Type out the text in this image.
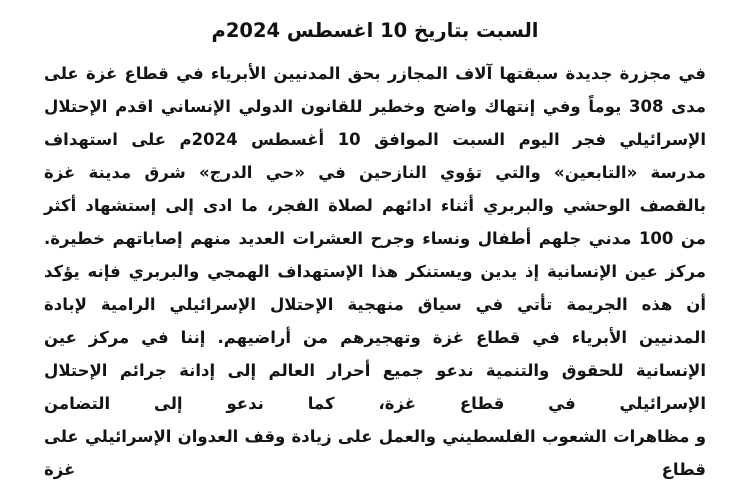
السبت بتاريخ 10 اغسطس 2024م

في مجزرة جديدة سبقتها آلاف المجازر بحق المدنيين الأبرياء في قطاع غزة على مدى 308 يوماً وفي إنتهاك واضح وخطير للقانون الدولي الإنساني اقدم الإحتلال الإسرائيلي فجر اليوم السبت الموافق 10 أغسطس 2024م على استهداف مدرسة «التابعين» والتي تؤوي النازحين في «حي الدرج» شرق مدينة غزة بالقصف الوحشي والبربري أثناء ادائهم لصلاة الفجر، ما ادى إلى إستشهاد أكثر من 100 مدني جلهم أطفال ونساء وجرح العشرات العديد منهم إصاباتهم خطيرة. مركز عين الإنسانية إذ يدين ويستنكر هذا الإستهداف الهمجي والبربري فإنه يؤكد أن هذه الجريمة تأتي في سياق منهجية الإحتلال الإسرائيلي الرامية لإبادة المدنيين الأبرياء في قطاع غزة وتهجيرهم من أراضيهم. إننا في مركز عين الإنسانية للحقوق والتنمية ندعو جميع أحرار العالم إلى إدانة جرائم الإحتلال الإسرائيلي في قطاع غزة، كما ندعو إلى التضامن

و مظاهرات الشعوب الفلسطيني والعمل على زيادة وقف العدوان الإسرائيلي على قطاع غزة
